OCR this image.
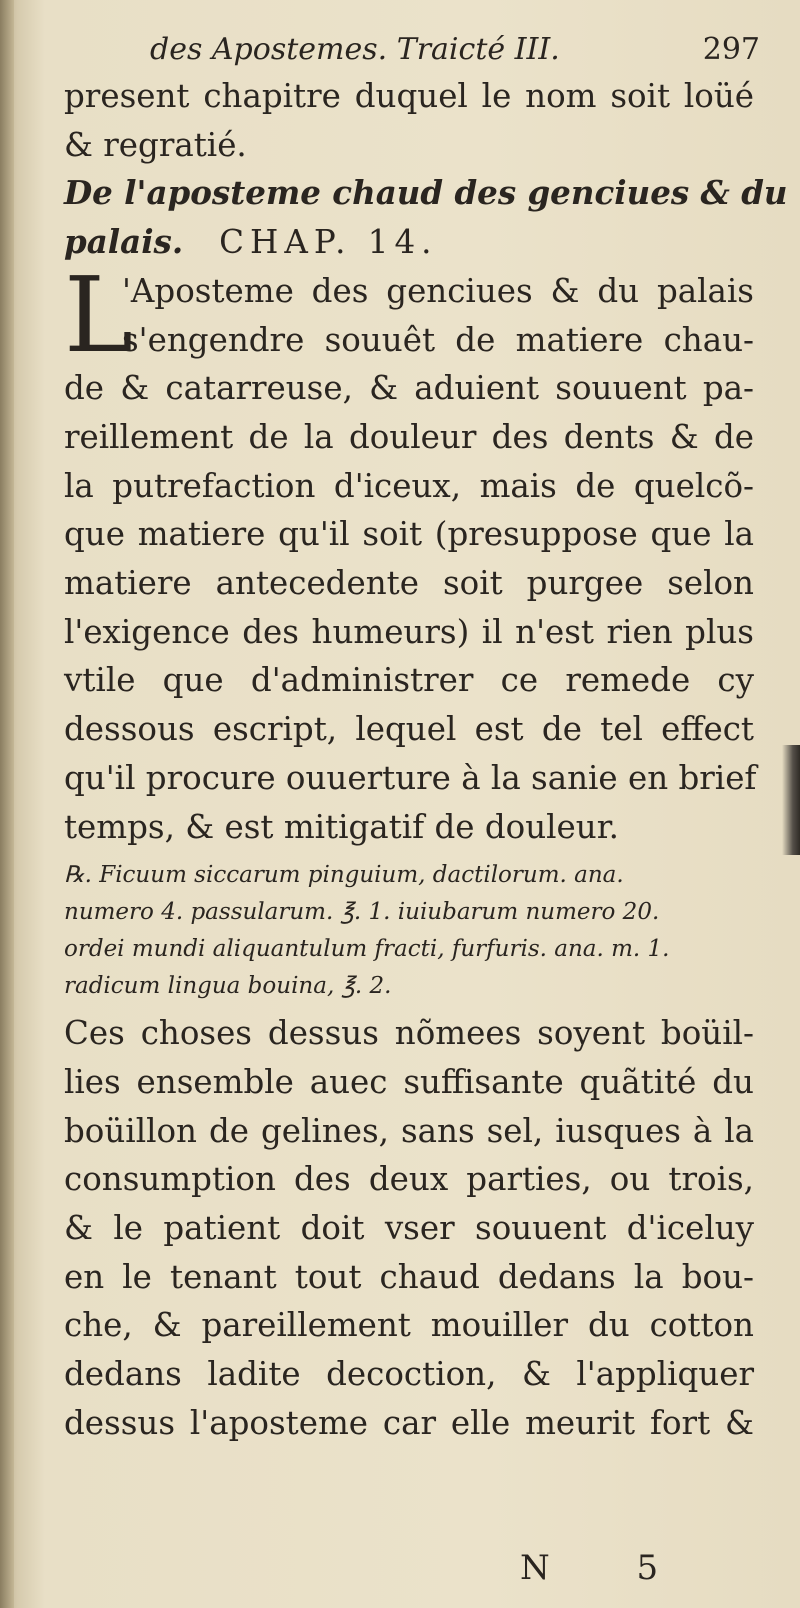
des Apostemes. Traicté III.	297
present chapitre duquel le nom soit loüé
& regratié.
De l'aposteme chaud des genciues & du
palais. CHAP. 14.
L
'Aposteme des genciues & du palais
s'engendre souuêt de matiere chau-
de & catarreuse, & aduient souuent pa-
reillement de la douleur des dents & de
la putrefaction d'iceux, mais de quelcõ-
que matiere qu'il soit (presuppose que la
matiere antecedente soit purgee selon
l'exigence des humeurs) il n'est rien plus
vtile que d'administrer ce remede cy
dessous escript, lequel est de tel effect
qu'il procure ouuerture à la sanie en brief
temps, & est mitigatif de douleur.
℞. Ficuum siccarum pinguium, dactilorum. ana.
numero 4. passularum. ℥. 1. iuiubarum numero 20.
ordei mundi aliquantulum fracti, furfuris. ana. m. 1.
radicum lingua bouina, ℥. 2.
Ces choses dessus nõmees soyent boüil-
lies ensemble auec suffisante quãtité du
boüillon de gelines, sans sel, iusques à la
consumption des deux parties, ou trois,
& le patient doit vser souuent d'iceluy
en le tenant tout chaud dedans la bou-
che, & pareillement mouiller du cotton
dedans ladite decoction, & l'appliquer
dessus l'aposteme car elle meurit fort &
N 5
